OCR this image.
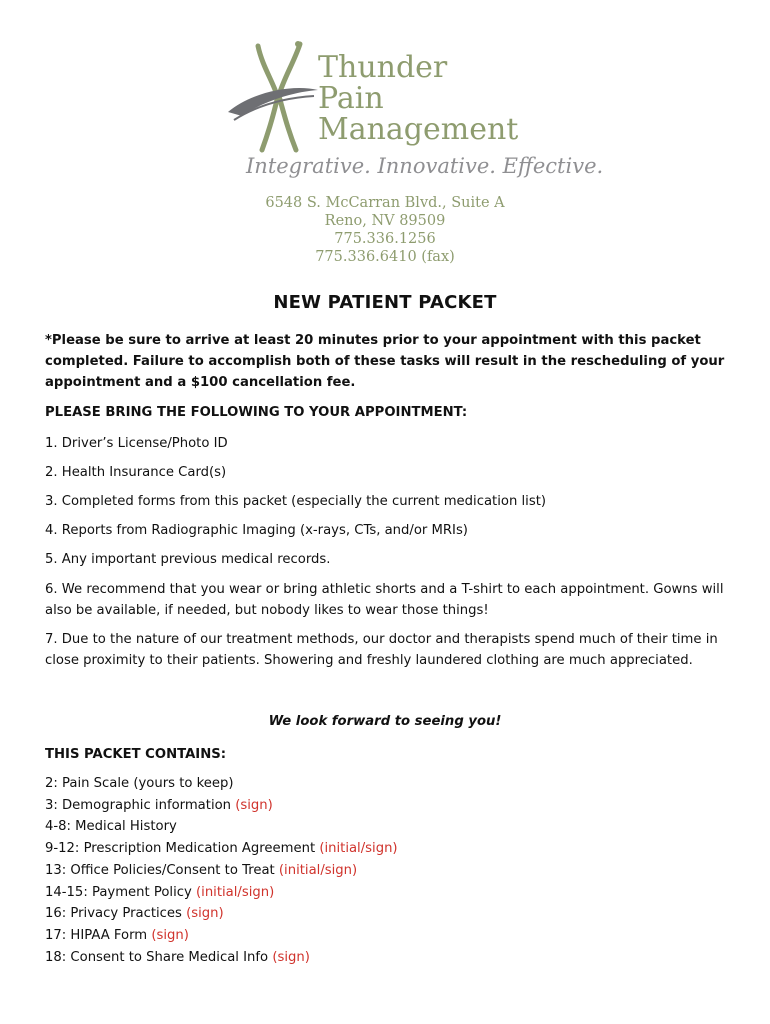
Thunder
Pain
Management
Integrative. Innovative. Effective.
6548 S. McCarran Blvd., Suite A
Reno, NV 89509
775.336.1256
775.336.6410 (fax)
NEW PATIENT PACKET
*Please be sure to arrive at least 20 minutes prior to your appointment with this packet completed. Failure to accomplish both of these tasks will result in the rescheduling of your appointment and a $100 cancellation fee.
PLEASE BRING THE FOLLOWING TO YOUR APPOINTMENT:
1. Driver’s License/Photo ID
2. Health Insurance Card(s)
3. Completed forms from this packet (especially the current medication list)
4. Reports from Radiographic Imaging (x-rays, CTs, and/or MRIs)
5. Any important previous medical records.
6. We recommend that you wear or bring athletic shorts and a T-shirt to each appointment. Gowns will also be available, if needed, but nobody likes to wear those things!
7. Due to the nature of our treatment methods, our doctor and therapists spend much of their time in close proximity to their patients. Showering and freshly laundered clothing are much appreciated.
We look forward to seeing you!
THIS PACKET CONTAINS:
2: Pain Scale (yours to keep)
3: Demographic information (sign)
4-8: Medical History
9-12: Prescription Medication Agreement (initial/sign)
13: Office Policies/Consent to Treat (initial/sign)
14-15: Payment Policy (initial/sign)
16: Privacy Practices (sign)
17: HIPAA Form (sign)
18: Consent to Share Medical Info (sign)
